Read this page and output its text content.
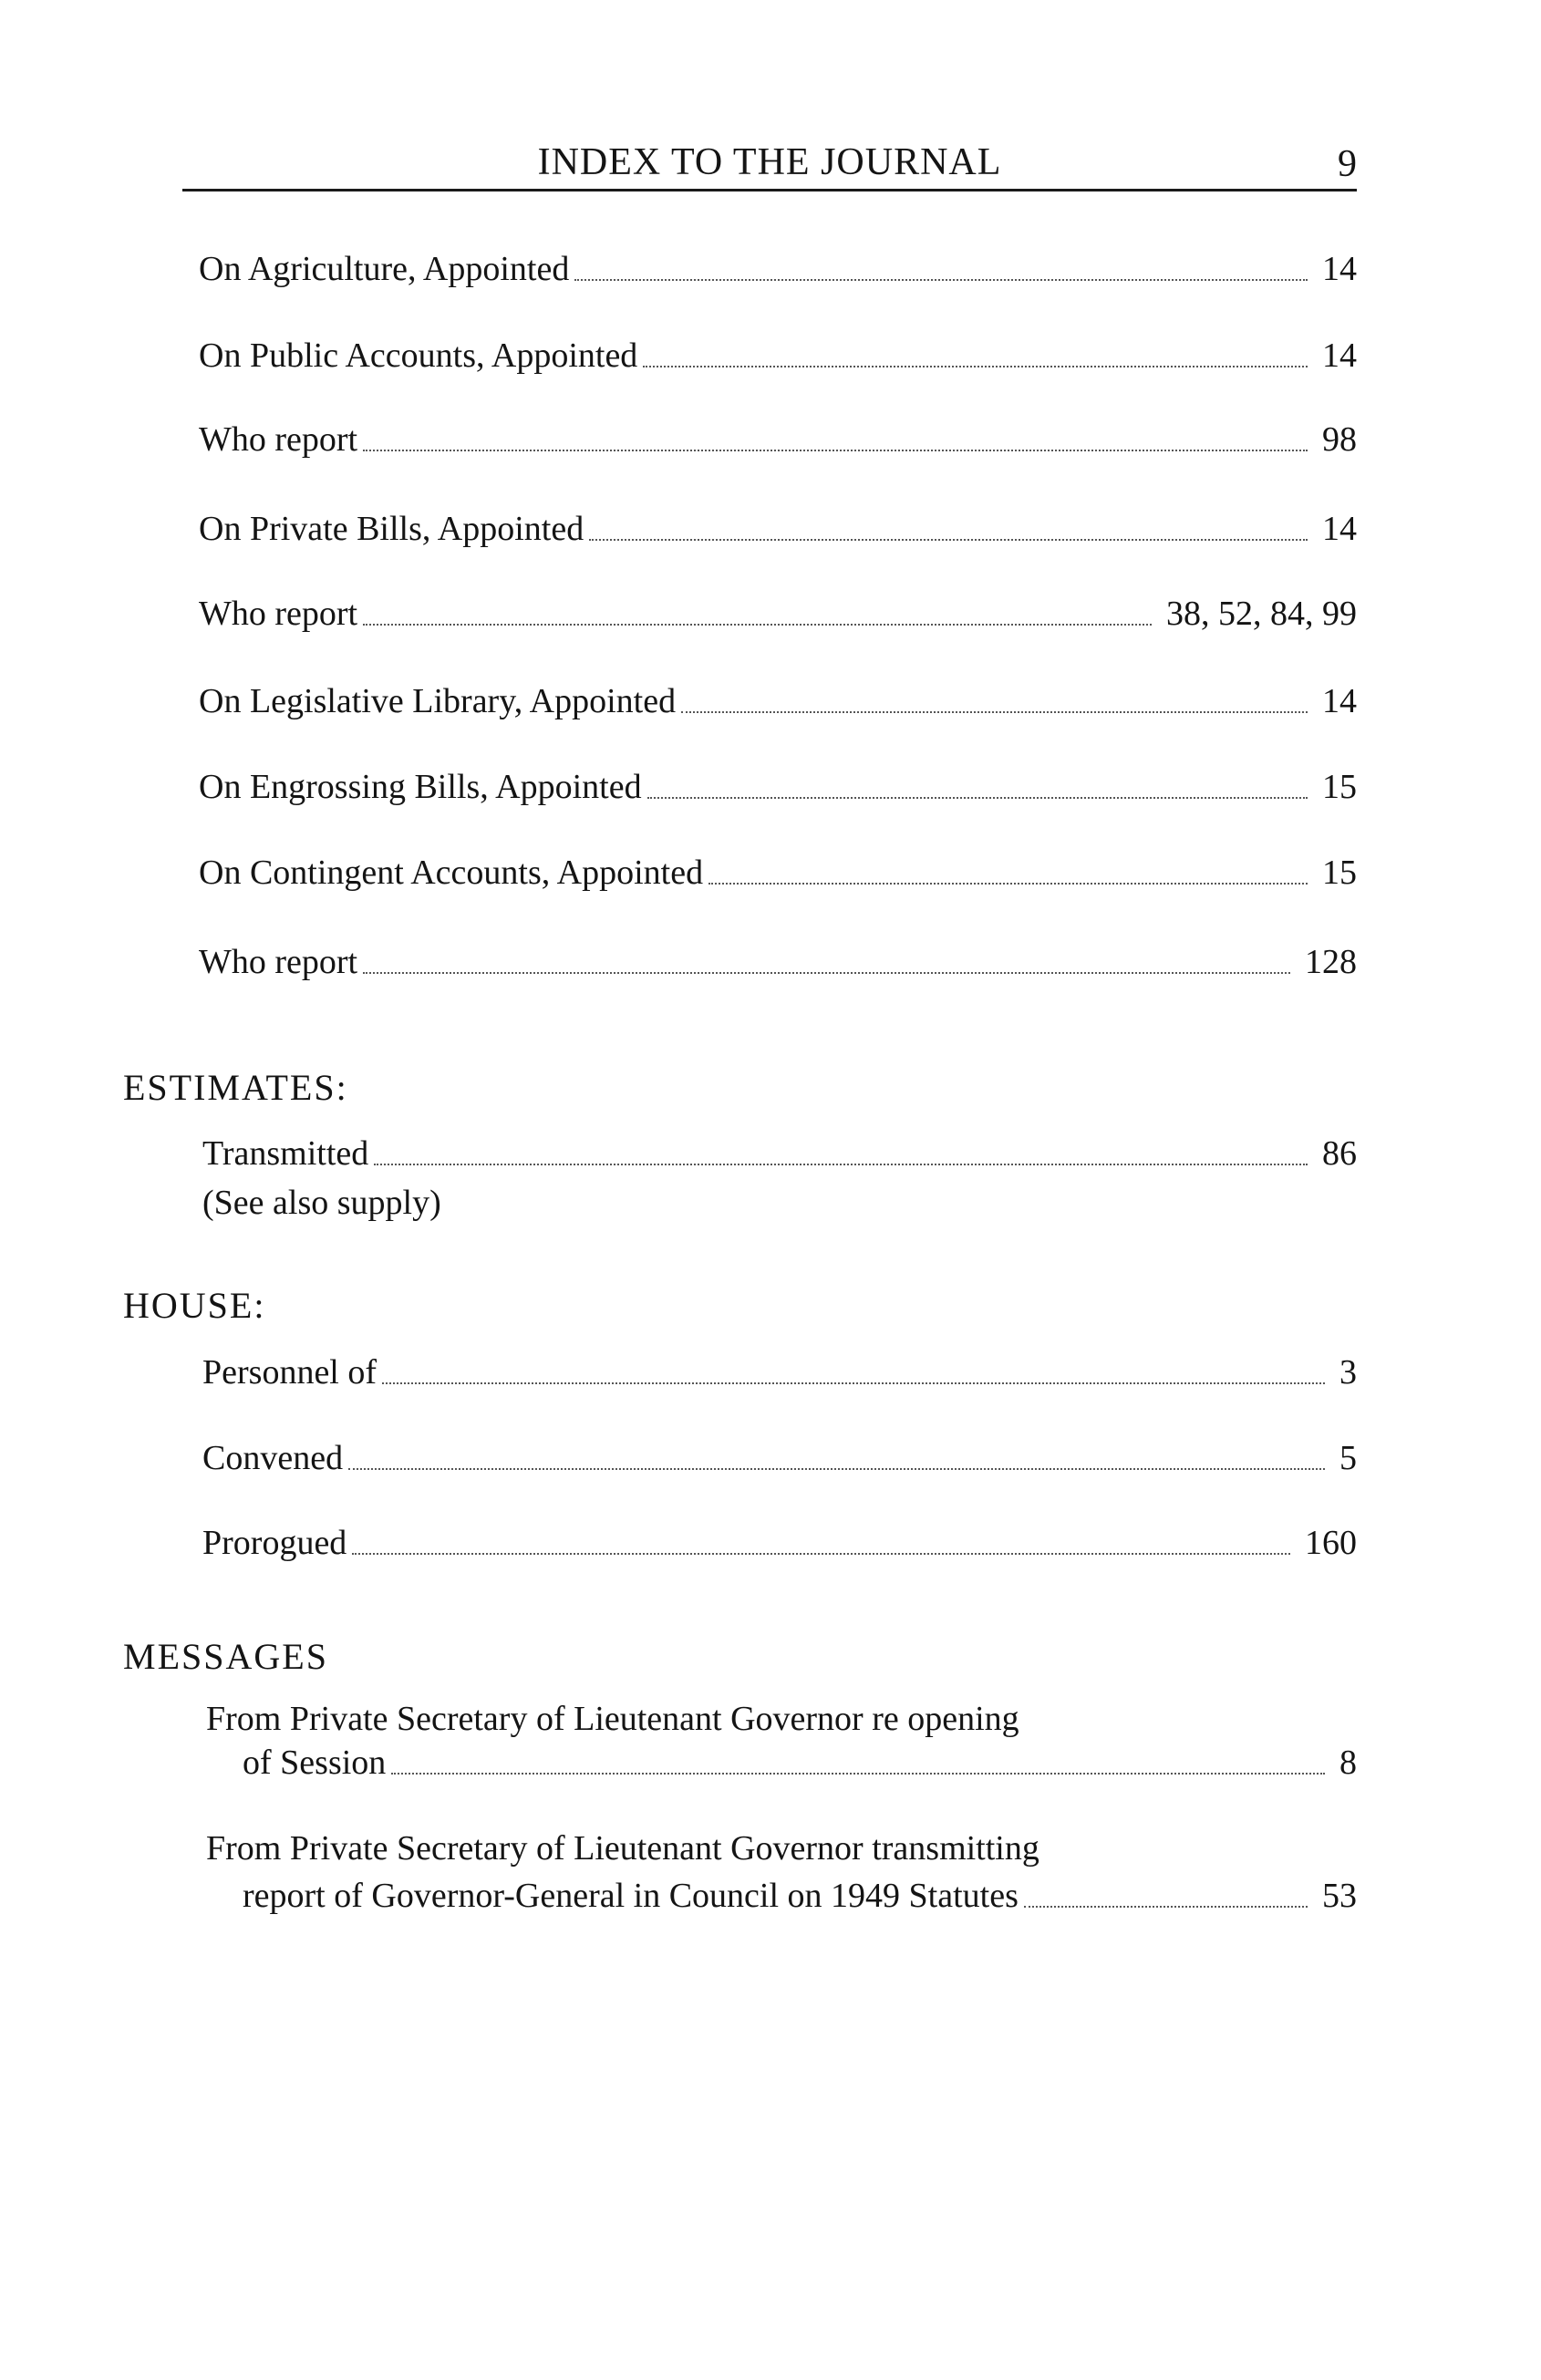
INDEX TO THE JOURNAL	9
On Agriculture, Appointed	14
On Public Accounts, Appointed	14
Who report	98
On Private Bills, Appointed	14
Who report	38, 52, 84, 99
On Legislative Library, Appointed	14
On Engrossing Bills, Appointed	15
On Contingent Accounts, Appointed	15
Who report	128
ESTIMATES:
Transmitted	86
(See also supply)
HOUSE:
Personnel of	3
Convened	5
Prorogued	160
MESSAGES
From Private Secretary of Lieutenant Governor re opening
of Session	8
From Private Secretary of Lieutenant Governor transmitting
report of Governor-General in Council on 1949 Statutes	53
